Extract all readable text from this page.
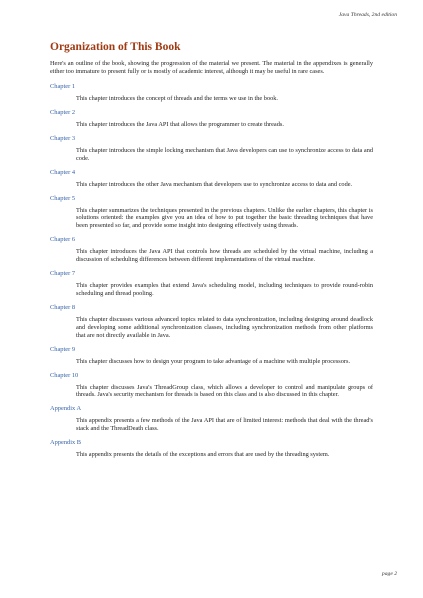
Java Threads, 2nd edition
Organization of This Book

Here's an outline of the book, showing the progression of the material we present. The material in the appendixes is generally either too immature to present fully or is mostly of academic interest, although it may be useful in rare cases.

Chapter 1
This chapter introduces the concept of threads and the terms we use in the book.
Chapter 2
This chapter introduces the Java API that allows the programmer to create threads.
Chapter 3
This chapter introduces the simple locking mechanism that Java developers can use to synchronize access to data and code.
Chapter 4
This chapter introduces the other Java mechanism that developers use to synchronize access to data and code.
Chapter 5
This chapter summarizes the techniques presented in the previous chapters. Unlike the earlier chapters, this chapter is solutions oriented: the examples give you an idea of how to put together the basic threading techniques that have been presented so far, and provide some insight into designing effectively using threads.
Chapter 6
This chapter introduces the Java API that controls how threads are scheduled by the virtual machine, including a discussion of scheduling differences between different implementations of the virtual machine.
Chapter 7
This chapter provides examples that extend Java's scheduling model, including techniques to provide round-robin scheduling and thread pooling.
Chapter 8
This chapter discusses various advanced topics related to data synchronization, including designing around deadlock and developing some additional synchronization classes, including synchronization methods from other platforms that are not directly available in Java.
Chapter 9
This chapter discusses how to design your program to take advantage of a machine with multiple processors.
Chapter 10
This chapter discusses Java's ThreadGroup class, which allows a developer to control and manipulate groups of threads. Java's security mechanism for threads is based on this class and is also discussed in this chapter.
Appendix A
This appendix presents a few methods of the Java API that are of limited interest: methods that deal with the thread's stack and the ThreadDeath class.
Appendix B
This appendix presents the details of the exceptions and errors that are used by the threading system.
page 2
